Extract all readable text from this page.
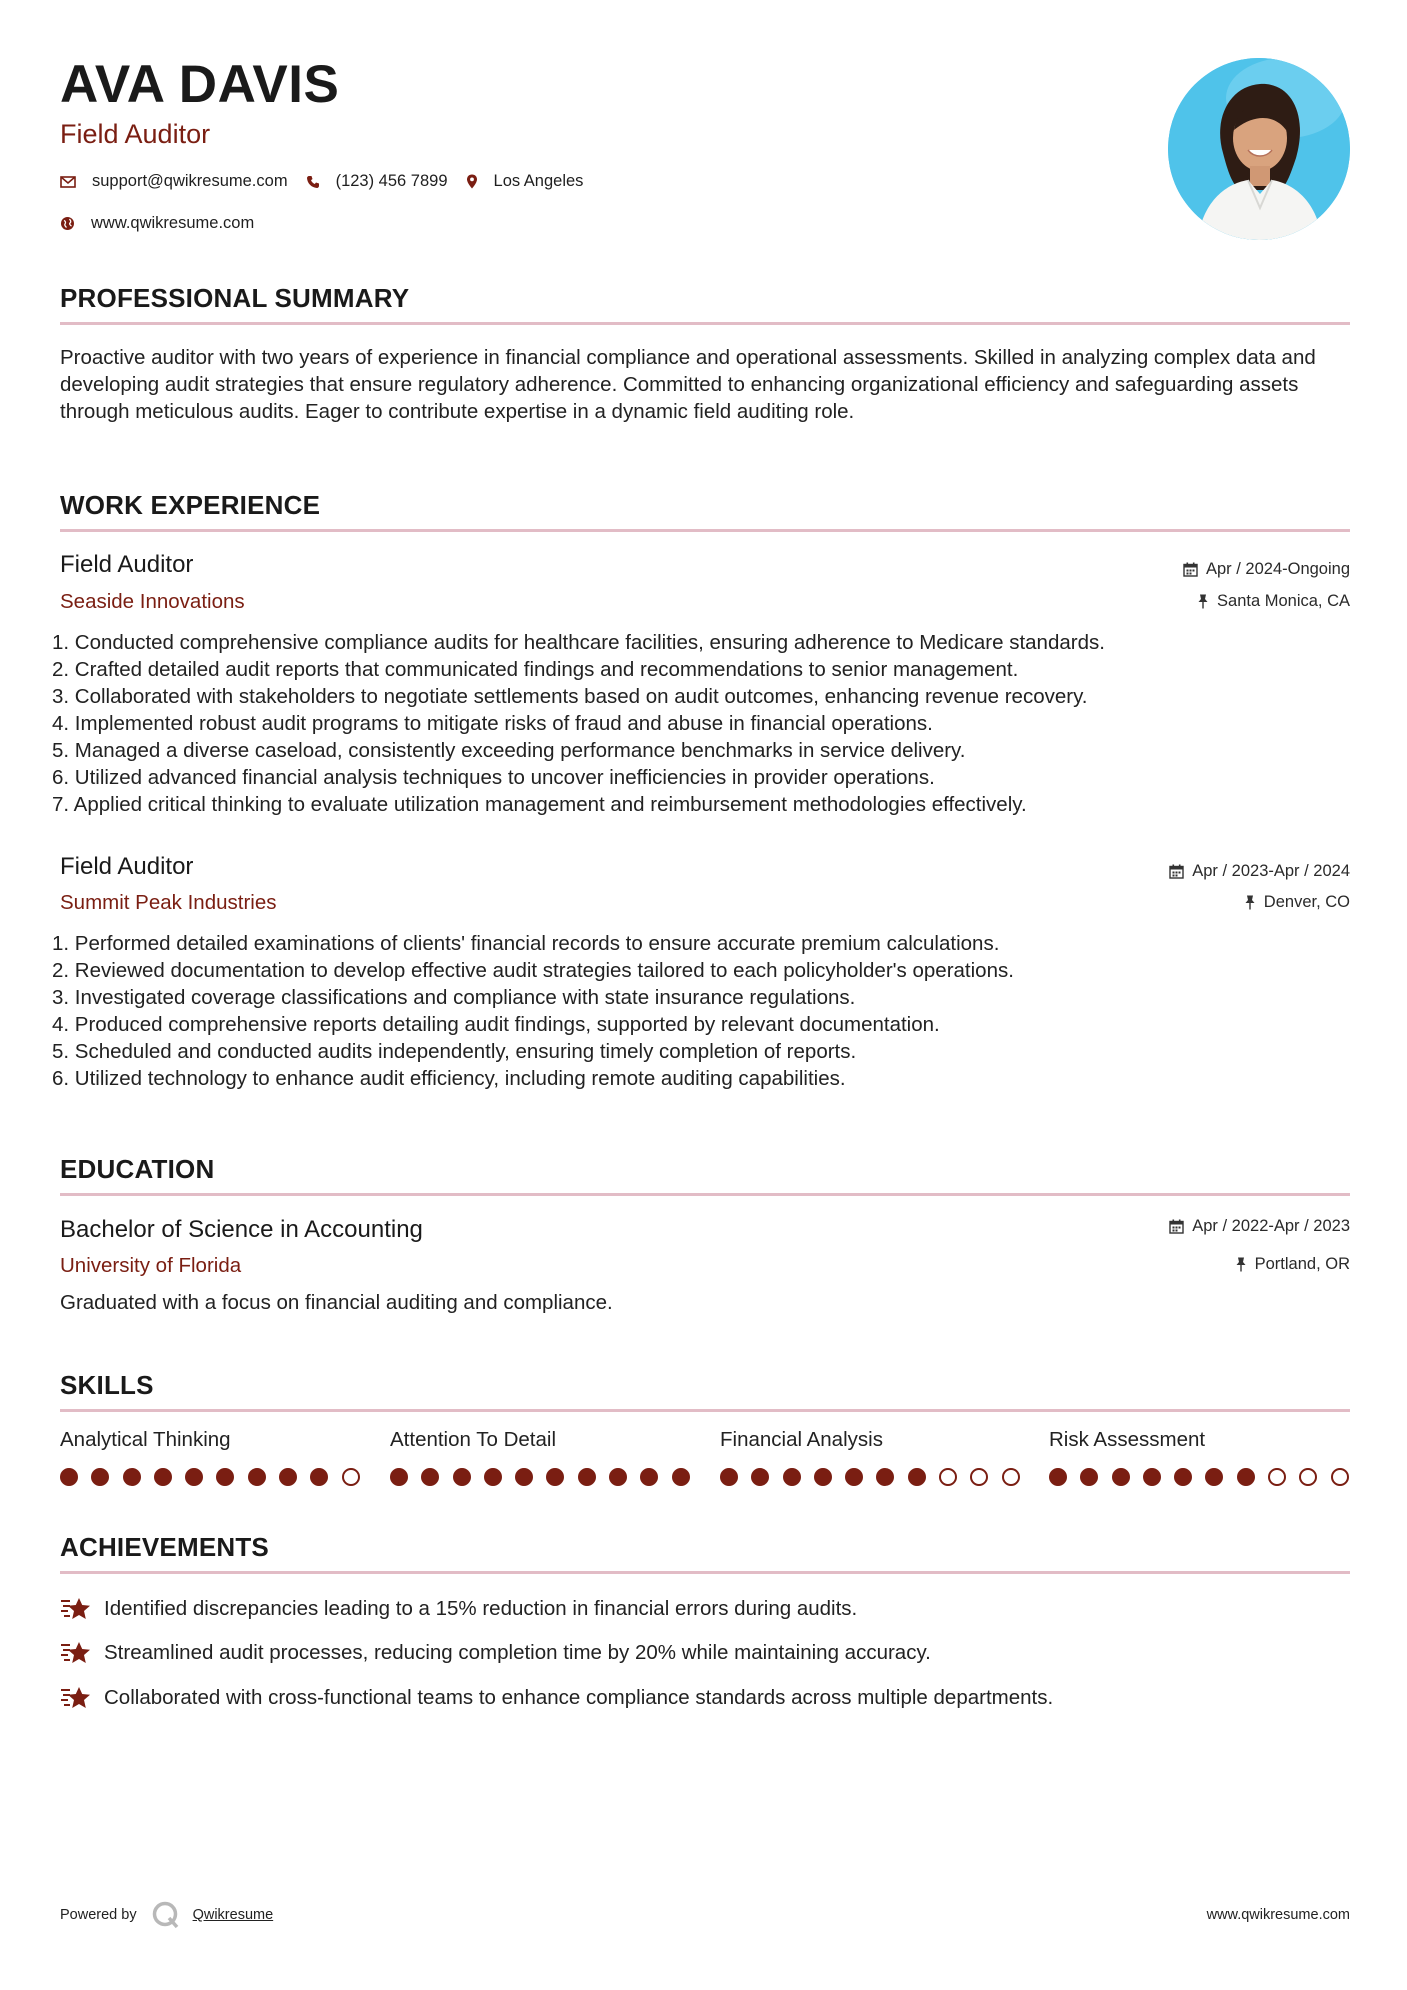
AVA DAVIS
Field Auditor
support@qwikresume.com	(123) 456 7899	Los Angeles
www.qwikresume.com
PROFESSIONAL SUMMARY
Proactive auditor with two years of experience in financial compliance and operational assessments. Skilled in analyzing complex data and developing audit strategies that ensure regulatory adherence. Committed to enhancing organizational efficiency and safeguarding assets through meticulous audits. Eager to contribute expertise in a dynamic field auditing role.
WORK EXPERIENCE
Field Auditor
Seaside Innovations
Apr / 2024-Ongoing
Santa Monica, CA
1. Conducted comprehensive compliance audits for healthcare facilities, ensuring adherence to Medicare standards.
2. Crafted detailed audit reports that communicated findings and recommendations to senior management.
3. Collaborated with stakeholders to negotiate settlements based on audit outcomes, enhancing revenue recovery.
4. Implemented robust audit programs to mitigate risks of fraud and abuse in financial operations.
5. Managed a diverse caseload, consistently exceeding performance benchmarks in service delivery.
6. Utilized advanced financial analysis techniques to uncover inefficiencies in provider operations.
7. Applied critical thinking to evaluate utilization management and reimbursement methodologies effectively.
Field Auditor
Summit Peak Industries
Apr / 2023-Apr / 2024
Denver, CO
1. Performed detailed examinations of clients' financial records to ensure accurate premium calculations.
2. Reviewed documentation to develop effective audit strategies tailored to each policyholder's operations.
3. Investigated coverage classifications and compliance with state insurance regulations.
4. Produced comprehensive reports detailing audit findings, supported by relevant documentation.
5. Scheduled and conducted audits independently, ensuring timely completion of reports.
6. Utilized technology to enhance audit efficiency, including remote auditing capabilities.
EDUCATION
Bachelor of Science in Accounting
University of Florida
Apr / 2022-Apr / 2023
Portland, OR
Graduated with a focus on financial auditing and compliance.
SKILLS
Analytical Thinking	Attention To Detail	Financial Analysis	Risk Assessment
ACHIEVEMENTS
Identified discrepancies leading to a 15% reduction in financial errors during audits.
Streamlined audit processes, reducing completion time by 20% while maintaining accuracy.
Collaborated with cross-functional teams to enhance compliance standards across multiple departments.
Powered by	Qwikresume	www.qwikresume.com
